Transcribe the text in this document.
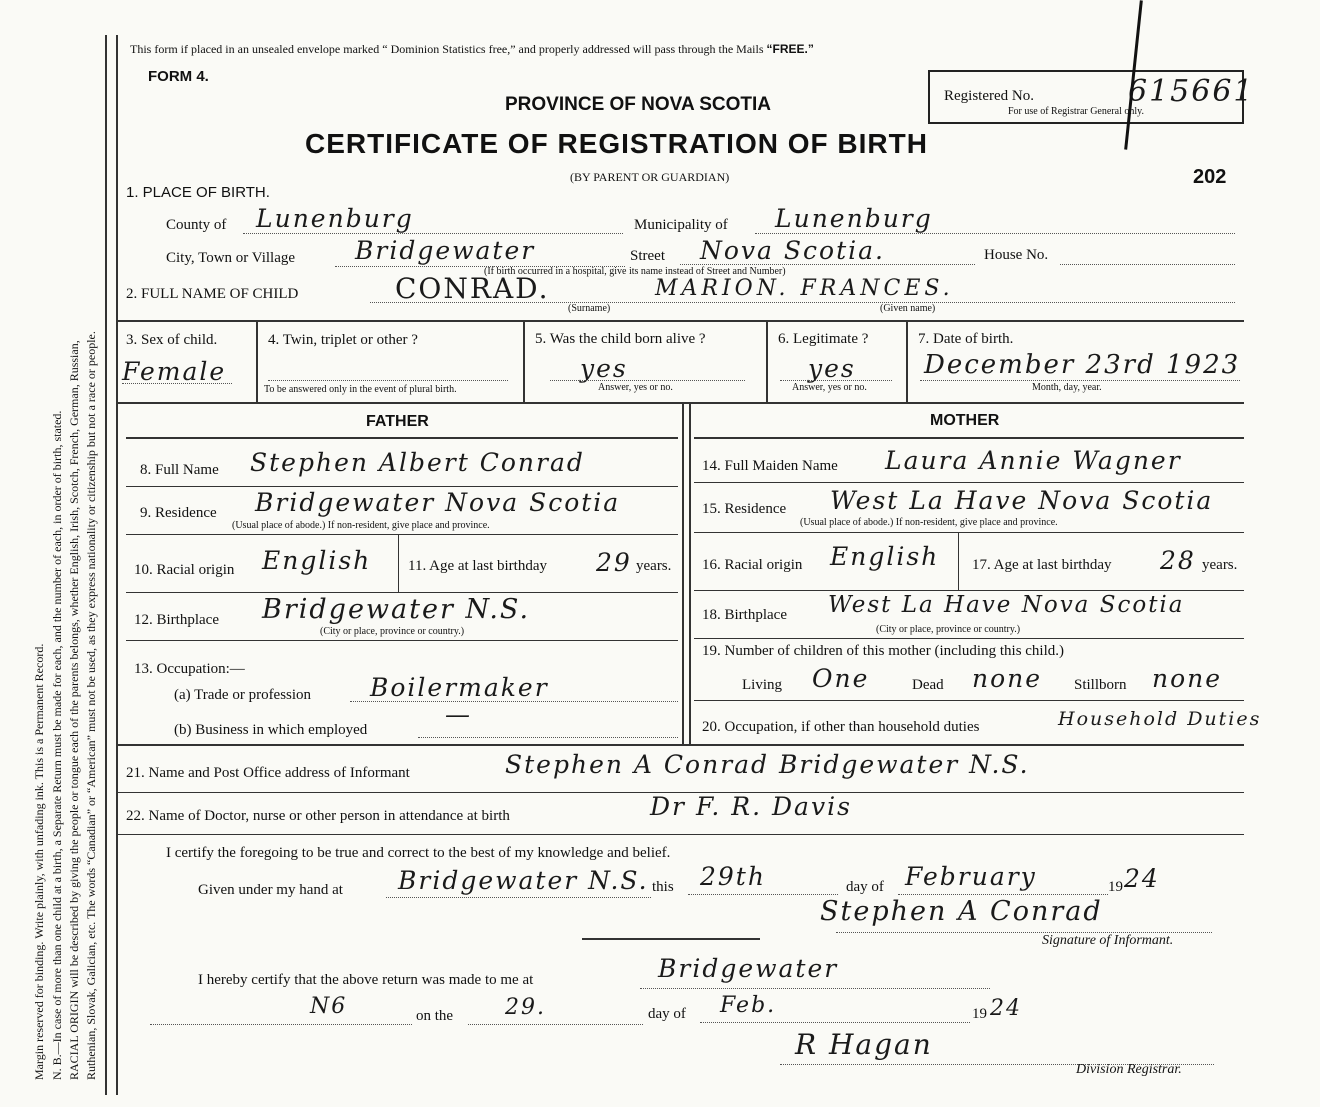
Margin reserved for binding. Write plainly, with unfading ink. This is a Permanent Record. N. B.—In case of more than one child at a birth, a Separate Return must be made for each, and the number of each, in order of birth, stated. RACIAL ORIGIN will be described by giving the people or tongue each of the parents belongs, whether English, Irish, Scotch, French, German, Russian, Ruthenian, Slovak, Galician, etc. The words “Canadian” or “American” must not be used, as they express nationality or citizenship but not a race or people.
This form if placed in an unsealed envelope marked “ Dominion Statistics free,” and properly addressed will pass through the Mails “FREE.”
FORM 4.
PROVINCE OF NOVA SCOTIA
CERTIFICATE OF REGISTRATION OF BIRTH
(BY PARENT OR GUARDIAN)
Registered No.	615661
For use of Registrar General only.
202
1. PLACE OF BIRTH.
County of Lunenburg	Municipality of Lunenburg
City, Town or Village Bridgewater	Street Nova Scotia.	House No.
(If birth occurred in a hospital, give its name instead of Street and Number)
2. FULL NAME OF CHILD	CONRAD.	MARION. FRANCES.
(Surname)	(Given name)
3. Sex of child.
Female
4. Twin, triplet or other ?
To be answered only in the event of plural birth.
5. Was the child born alive ?
yes
Answer, yes or no.
6. Legitimate ?
yes
Answer, yes or no.
7. Date of birth.
December 23rd 1923
Month, day, year.
FATHER	MOTHER
8. Full Name Stephen Albert Conrad
9. Residence Bridgewater Nova Scotia
(Usual place of abode.) If non-resident, give place and province.
10. Racial origin English 11. Age at last birthday 29 years.
12. Birthplace Bridgewater N.S.
(City or place, province or country.)
13. Occupation:—
(a) Trade or profession Boilermaker
(b) Business in which employed
—
14. Full Maiden Name Laura Annie Wagner
15. Residence West La Have Nova Scotia
(Usual place of abode.) If non-resident, give place and province.
16. Racial origin English 17. Age at last birthday 28 years.
18. Birthplace West La Have Nova Scotia
(City or place, province or country.)
19. Number of children of this mother (including this child.)
Living One	Dead none Stillborn none
20. Occupation, if other than household duties	Household Duties
21. Name and Post Office address of Informant	Stephen A Conrad Bridgewater N.S.
22. Name of Doctor, nurse or other person in attendance at birth	Dr F. R. Davis
I certify the foregoing to be true and correct to the best of my knowledge and belief.
Given under my hand at Bridgewater N.S. this 29th	day of February	19 24
Stephen A Conrad
Signature of Informant.
I hereby certify that the above return was made to me at	Bridgewater
N6	on the 29.	day of Feb.	19 24
R Hagan
Division Registrar.
